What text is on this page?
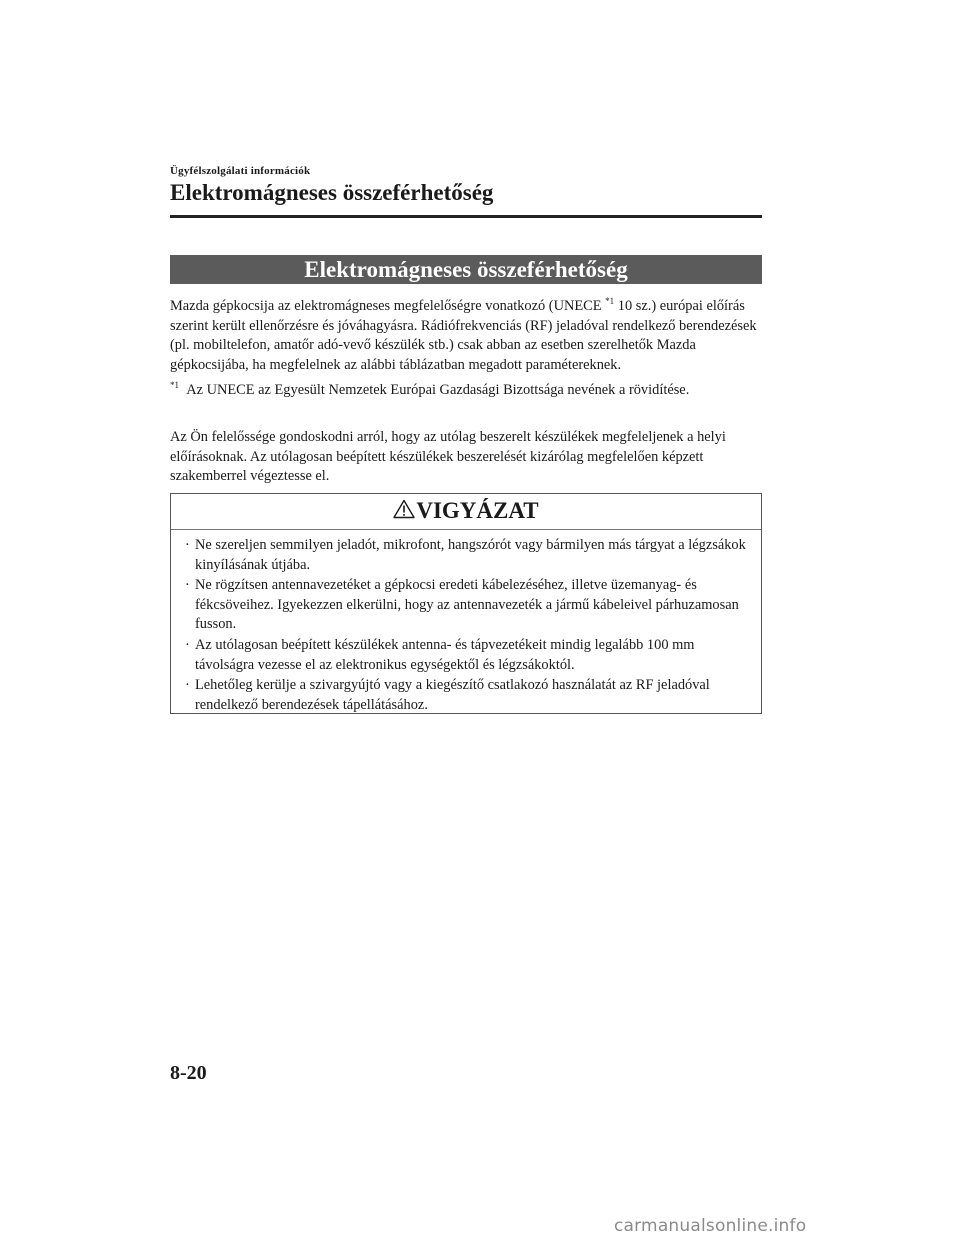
Ügyfélszolgálati információk
Elektromágneses összeférhetőség
Elektromágneses összeférhetőség

Mazda gépkocsija az elektromágneses megfelelőségre vonatkozó (UNECE $^{*1}$ 10 sz.) európai előírás szerint került ellenőrzésre és jóváhagyásra. Rádiófrekvenciás (RF) jeladóval rendelkező berendezések (pl. mobiltelefon, amatőr adó-vevő készülék stb.) csak abban az esetben szerelhetők Mazda gépkocsijába, ha megfelelnek az alábbi táblázatban megadott paramétereknek.

$^{*1}$ Az UNECE az Egyesült Nemzetek Európai Gazdasági Bizottsága nevének a rövidítése.

Az Ön felelőssége gondoskodni arról, hogy az utólag beszerelt készülékek megfeleljenek a helyi előírásoknak. Az utólagosan beépített készülékek beszerelését kizárólag megfelelően képzett szakemberrel végeztesse el.

VIGYÁZAT
· Ne szereljen semmilyen jeladót, mikrofont, hangszórót vagy bármilyen más tárgyat a légzsákok kinyílásának útjába.
· Ne rögzítsen antennavezetéket a gépkocsi eredeti kábelezéséhez, illetve üzemanyag- és fékcsöveihez. Igyekezzen elkerülni, hogy az antennavezeték a jármű kábeleivel párhuzamosan fusson.
· Az utólagosan beépített készülékek antenna- és tápvezetékeit mindig legalább 100 mm távolságra vezesse el az elektronikus egységektől és légzsákoktól.
· Lehetőleg kerülje a szivargyújtó vagy a kiegészítő csatlakozó használatát az RF jeladóval rendelkező berendezések tápellátásához.
8-20
carmanualsonline.info
